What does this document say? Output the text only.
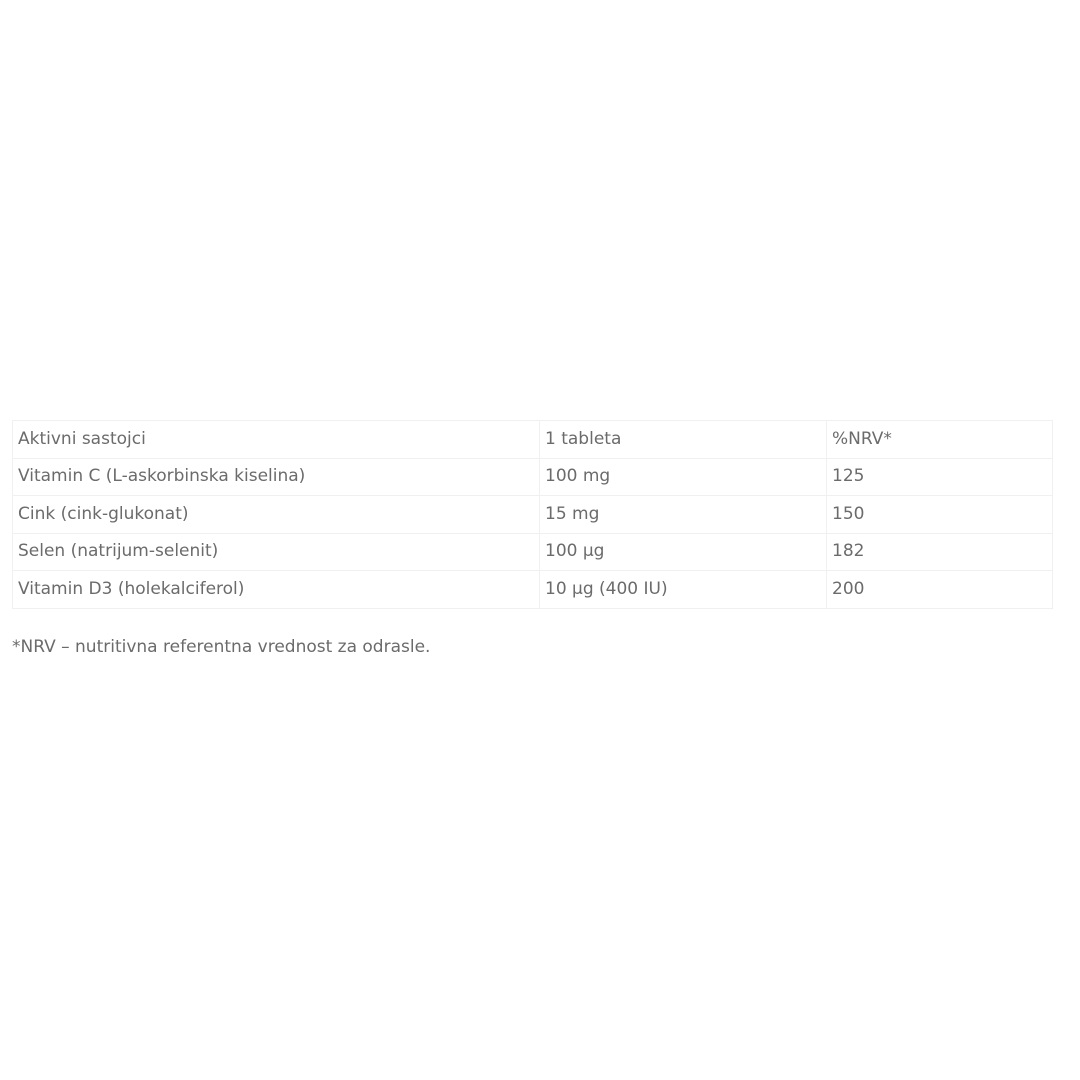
Aktivni sastojci	1 tableta	%NRV*
Vitamin C (L-askorbinska kiselina)	100 mg	125
Cink (cink-glukonat)	15 mg	150
Selen (natrijum-selenit)	100 µg	182
Vitamin D3 (holekalciferol)	10 µg (400 IU)	200
*NRV – nutritivna referentna vrednost za odrasle.
